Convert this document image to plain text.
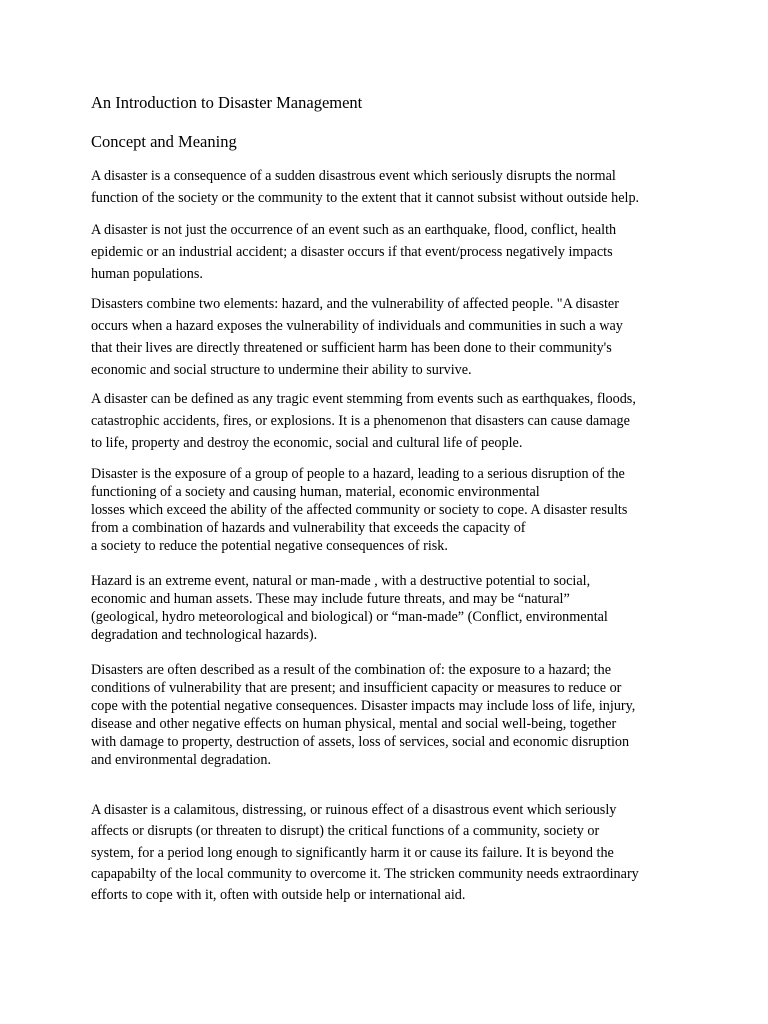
An Introduction to Disaster Management
Concept and Meaning

A disaster is a consequence of a sudden disastrous event which seriously disrupts the normal
function of the society or the community to the extent that it cannot subsist without outside help.

A disaster is not just the occurrence of an event such as an earthquake, flood, conflict, health
epidemic or an industrial accident; a disaster occurs if that event/process negatively impacts
human populations.

Disasters combine two elements: hazard, and the vulnerability of affected people. "A disaster
occurs when a hazard exposes the vulnerability of individuals and communities in such a way
that their lives are directly threatened or sufficient harm has been done to their community's
economic and social structure to undermine their ability to survive.

A disaster can be defined as any tragic event stemming from events such as earthquakes, floods,
catastrophic accidents, fires, or explosions. It is a phenomenon that disasters can cause damage
to life, property and destroy the economic, social and cultural life of people.

Disaster is the exposure of a group of people to a hazard, leading to a serious disruption of the
functioning of a society and causing human, material, economic environmental
losses which exceed the ability of the affected community or society to cope. A disaster results
from a combination of hazards and vulnerability that exceeds the capacity of
a society to reduce the potential negative consequences of risk.

Hazard is an extreme event, natural or man-made , with a destructive potential to social,
economic and human assets. These may include future threats, and may be “natural”
(geological, hydro meteorological and biological) or “man-made” (Conflict, environmental
degradation and technological hazards).

Disasters are often described as a result of the combination of: the exposure to a hazard; the
conditions of vulnerability that are present; and insufficient capacity or measures to reduce or
cope with the potential negative consequences. Disaster impacts may include loss of life, injury,
disease and other negative effects on human physical, mental and social well-being, together
with damage to property, destruction of assets, loss of services, social and economic disruption
and environmental degradation.

A disaster is a calamitous, distressing, or ruinous effect of a disastrous event which seriously
affects or disrupts (or threaten to disrupt) the critical functions of a community, society or
system, for a period long enough to significantly harm it or cause its failure. It is beyond the
capapabilty of the local community to overcome it. The stricken community needs extraordinary
efforts to cope with it, often with outside help or international aid.
